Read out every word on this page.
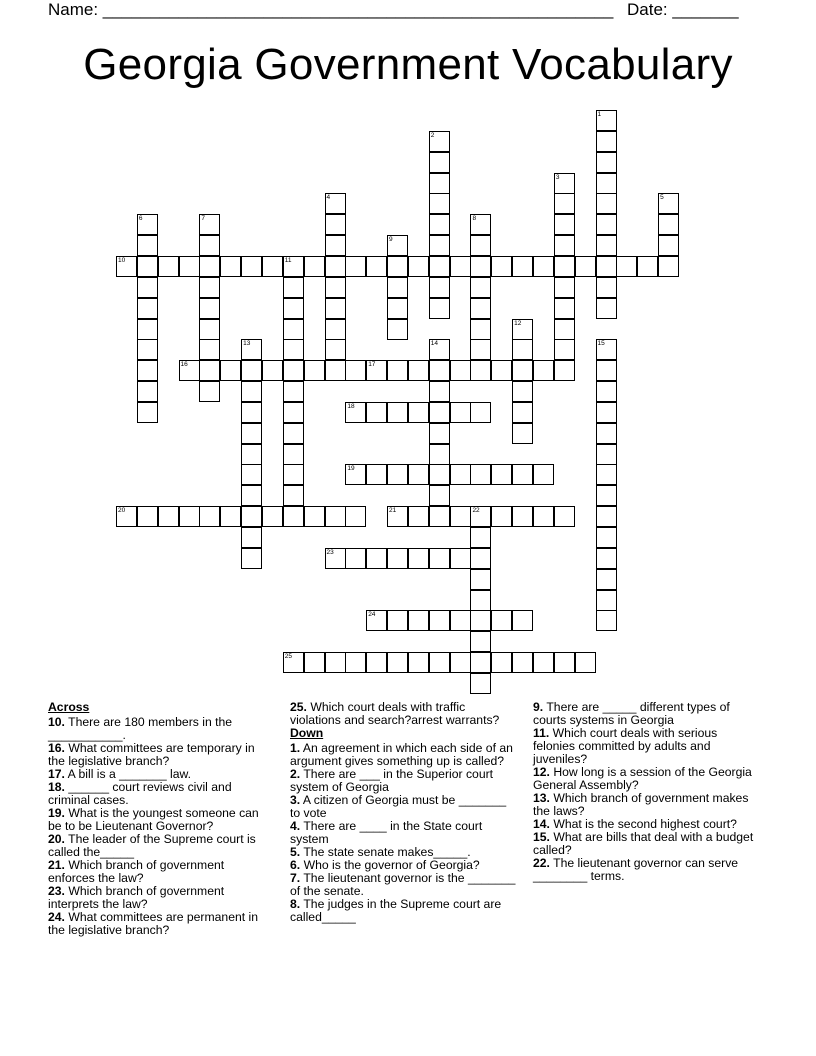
Name: ______________________________________________________ Date: _______
Georgia Government Vocabulary
1
2
3
4	5
6	7	8
9
10	11
12
13	14	15
16	17
18
19
20	21	22
23
24
25
Across
10. There are 180 members in the ___________.
16. What committees are temporary in the legislative branch?
17. A bill is a _______ law.
18. ______ court reviews civil and criminal cases.
19. What is the youngest someone can be to be Lieutenant Governor?
20. The leader of the Supreme court is called the_____
21. Which branch of government enforces the law?
23. Which branch of government interprets the law?
24. What committees are permanent in the legislative branch?
25. Which court deals with traffic violations and search?arrest warrants?
Down
1. An agreement in which each side of an argument gives something up is called?
2. There are ___ in the Superior court system of Georgia
3. A citizen of Georgia must be _______ to vote
4. There are ____ in the State court system
5. The state senate makes_____.
6. Who is the governor of Georgia?
7. The lieutenant governor is the _______ of the senate.
8. The judges in the Supreme court are called_____
9. There are _____ different types of courts systems in Georgia
11. Which court deals with serious felonies committed by adults and juveniles?
12. How long is a session of the Georgia General Assembly?
13. Which branch of government makes the laws?
14. What is the second highest court?
15. What are bills that deal with a budget called?
22. The lieutenant governor can serve ________ terms.
